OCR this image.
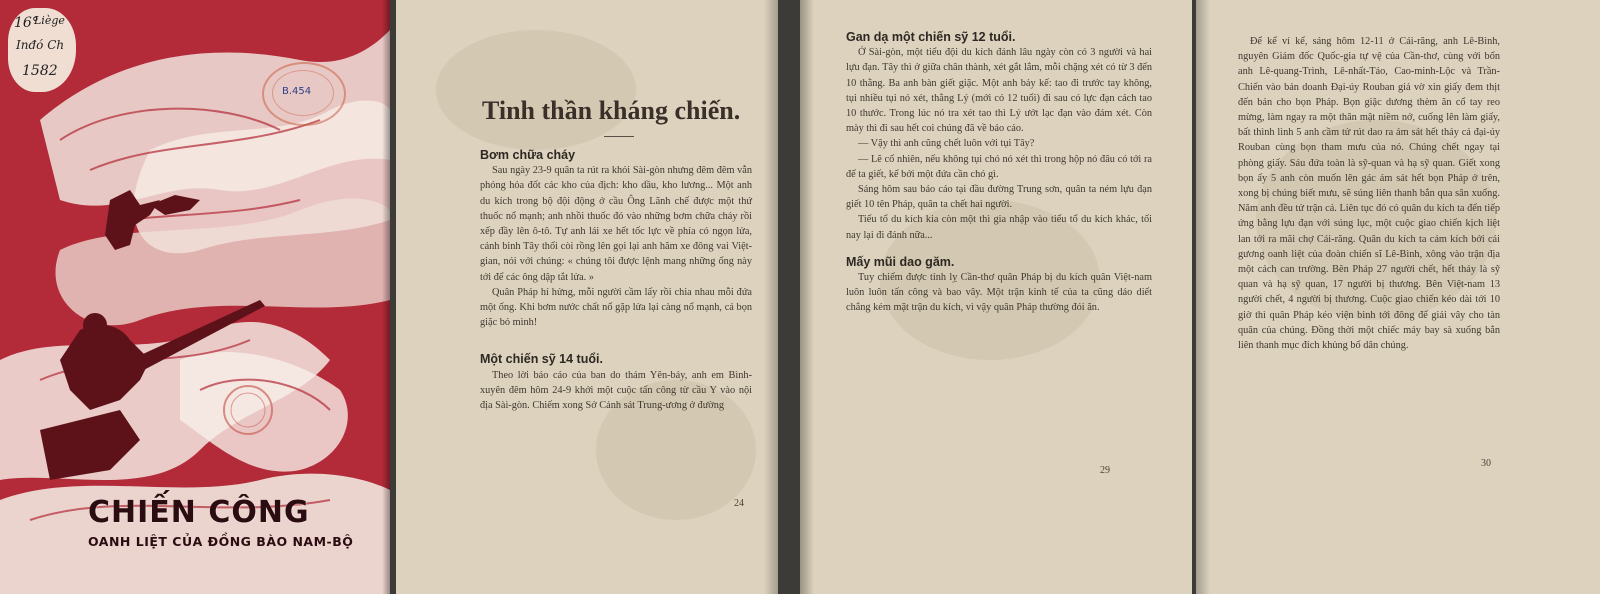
16°
Liège
Inđó Ch
1582
B.454
CHIẾN CÔNG
OANH LIỆT CỦA ĐỒNG BÀO NAM-BỘ
Tinh thần kháng chiến.

Bơm chữa cháy

Sau ngày 23-9 quân ta rút ra khỏi Sài-gòn nhưng đêm đêm vẫn phóng hỏa đốt các kho của địch: kho dầu, kho lương... Một anh du kích trong bộ đội động ở cầu Ông Lãnh chế được một thứ thuốc nổ mạnh; anh nhồi thuốc đó vào những bơm chữa cháy rồi xếp đầy lên ô-tô. Tự anh lái xe hết tốc lực về phía có ngọn lửa, cảnh binh Tây thổi còi rồng lên gọi lại anh hãm xe đông vai Việt-gian, nói với chúng: « chúng tôi được lệnh mang những ống này tới để các ông dập tắt lửa. »

Quân Pháp hí hửng, mỗi người cầm lấy rồi chia nhau mỗi đứa một ống. Khi bơm nước chất nổ gặp lửa lại càng nổ mạnh, cả bọn giặc bỏ mình!

Một chiến sỹ 14 tuổi.

Theo lời báo cáo của ban do thám Yên-báy, anh em Bình-xuyên đêm hôm 24-9 khởi một cuộc tấn công từ cầu Y vào nội địa Sài-gòn. Chiếm xong Sở Cảnh sát Trung-ương ở đường

24

Gan dạ một chiến sỹ 12 tuổi.

Ở Sài-gòn, một tiểu đội du kích đánh lâu ngày còn có 3 người và hai lựu đạn. Tây thì ở giữa chân thành, xét gắt lắm, mỗi chặng xét có từ 3 đến 10 thằng. Ba anh bàn giết giặc. Một anh bảy kế: tao đi trước tay không, tụi nhiều tụi nó xét, thằng Lý (mới có 12 tuổi) đi sau có lực đạn cách tao 10 thước. Trong lúc nó tra xét tao thì Lý ướt lạc đạn vào đám xét. Còn mày thì đi sau hết coi chúng đã về báo cáo.

— Vậy thì anh cũng chết luôn với tụi Tây?

— Lẽ cố nhiên, nếu không tụi chó nó xét thì trong hộp nó đâu có tới ra để ta giết, kể bởi một đứa cần chó gì.

Sáng hôm sau báo cáo tại đầu đường Trung sơn, quân ta ném lựu đạn giết 10 tên Pháp, quân ta chết hai người.

Tiếu tổ du kích kia còn một thì gia nhập vào tiểu tổ du kích khác, tối nay lại đi đánh nữa...

Mấy mũi dao găm.

Tuy chiếm được tỉnh lỵ Cần-thơ quân Pháp bị du kích quân Việt-nam luôn luôn tấn công và bao vây. Một trận kinh tế của ta cũng dáo diết chẳng kém mặt trận du kích, vì vậy quân Pháp thường đói ăn.

29

Để kể ví kể, sáng hôm 12-11 ở Cái-răng, anh Lê-Bình, nguyên Giám đốc Quốc-gia tự vệ của Cần-thơ, cùng với bốn anh Lê-quang-Trình, Lê-nhất-Tảo, Cao-minh-Lộc và Trần-Chiến vào bản doanh Đại-úy Rouban giả vờ xin giấy đem thịt đến bán cho bọn Pháp. Bọn giặc dương thèm ăn cổ tay reo mừng, làm ngay ra một thân mật niềm nở, cuống lên làm giấy, bất thình lình 5 anh cầm tử rút dao ra ám sát hết thảy cả đại-úy Rouban cùng bọn tham mưu của nó. Chúng chết ngay tại phòng giấy. Sáu đứa toàn là sỹ-quan và hạ sỹ quan. Giết xong bọn ấy 5 anh còn muốn lên gác ám sát hết bọn Pháp ở trên, xong bị chúng biết mưu, sẽ súng liên thanh bắn qua sân xuống. Năm anh đều tử trận cả. Liên tục đó có quân du kích ta đến tiếp ứng bằng lựu đạn với súng lục, một cuộc giao chiến kịch liệt lan tới ra mãi chợ Cái-răng. Quân du kích ta cảm kích bởi cái gương oanh liệt của đoàn chiến sĩ Lê-Bình, xông vào trận địa một cách can trường. Bên Pháp 27 người chết, hết thảy là sỹ quan và hạ sỹ quan, 17 người bị thương. Bên Việt-nam 13 người chết, 4 người bị thương. Cuộc giao chiến kéo dài tới 10 giờ thì quân Pháp kéo viện binh tới đông để giải vây cho tàn quân của chúng. Đồng thời một chiếc máy bay sà xuống bắn liên thanh mục đích khủng bố dân chúng.

30
